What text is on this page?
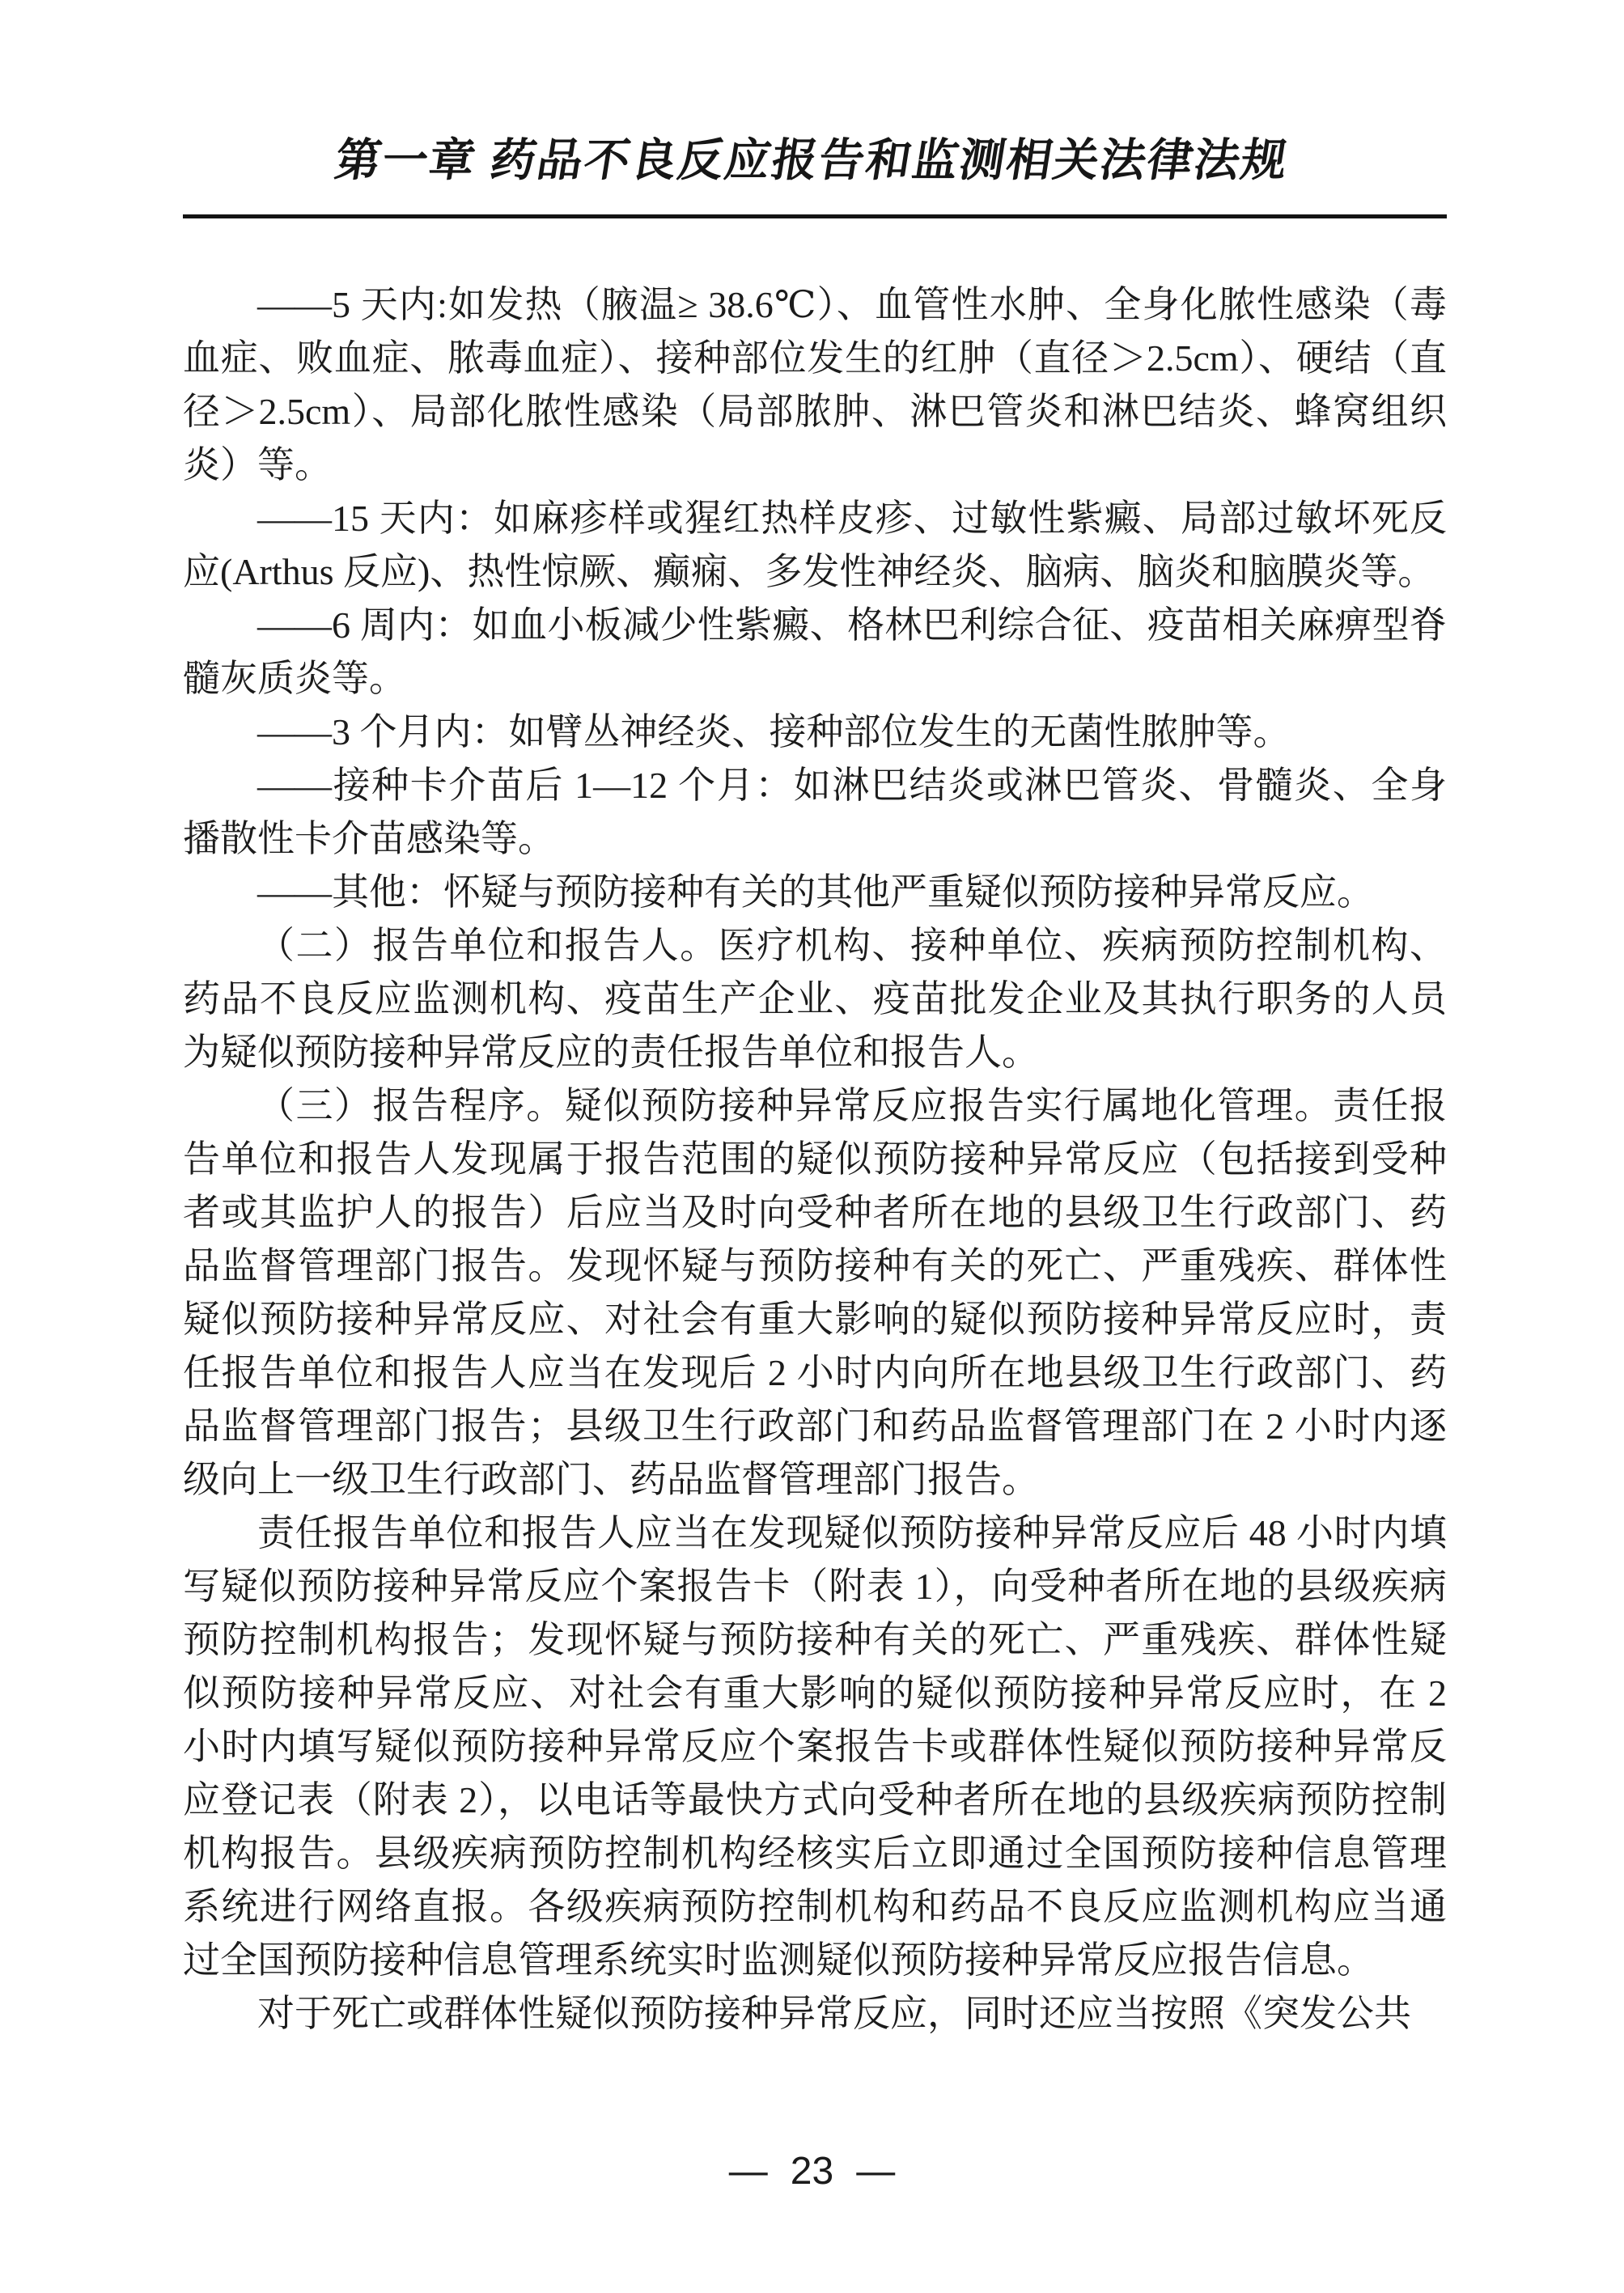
第一章 药品不良反应报告和监测相关法律法规

——5 天内:如发热（腋温≥ 38.6℃）、血管性水肿、全身化脓性感染（毒血症、败血症、脓毒血症）、接种部位发生的红肿（直径＞2.5cm）、硬结（直径＞2.5cm）、局部化脓性感染（局部脓肿、淋巴管炎和淋巴结炎、蜂窝组织炎）等。

——15 天内：如麻疹样或猩红热样皮疹、过敏性紫癜、局部过敏坏死反应(Arthus 反应)、热性惊厥、癫痫、多发性神经炎、脑病、脑炎和脑膜炎等。

——6 周内：如血小板减少性紫癜、格林巴利综合征、疫苗相关麻痹型脊髓灰质炎等。

——3 个月内：如臂丛神经炎、接种部位发生的无菌性脓肿等。

——接种卡介苗后 1—12 个月：如淋巴结炎或淋巴管炎、骨髓炎、全身播散性卡介苗感染等。

——其他：怀疑与预防接种有关的其他严重疑似预防接种异常反应。

（二）报告单位和报告人。医疗机构、接种单位、疾病预防控制机构、药品不良反应监测机构、疫苗生产企业、疫苗批发企业及其执行职务的人员为疑似预防接种异常反应的责任报告单位和报告人。

（三）报告程序。疑似预防接种异常反应报告实行属地化管理。责任报告单位和报告人发现属于报告范围的疑似预防接种异常反应（包括接到受种者或其监护人的报告）后应当及时向受种者所在地的县级卫生行政部门、药品监督管理部门报告。发现怀疑与预防接种有关的死亡、严重残疾、群体性疑似预防接种异常反应、对社会有重大影响的疑似预防接种异常反应时，责任报告单位和报告人应当在发现后 2 小时内向所在地县级卫生行政部门、药品监督管理部门报告；县级卫生行政部门和药品监督管理部门在 2 小时内逐级向上一级卫生行政部门、药品监督管理部门报告。

责任报告单位和报告人应当在发现疑似预防接种异常反应后 48 小时内填写疑似预防接种异常反应个案报告卡（附表 1），向受种者所在地的县级疾病预防控制机构报告；发现怀疑与预防接种有关的死亡、严重残疾、群体性疑似预防接种异常反应、对社会有重大影响的疑似预防接种异常反应时，在 2 小时内填写疑似预防接种异常反应个案报告卡或群体性疑似预防接种异常反应登记表（附表 2），以电话等最快方式向受种者所在地的县级疾病预防控制机构报告。县级疾病预防控制机构经核实后立即通过全国预防接种信息管理系统进行网络直报。各级疾病预防控制机构和药品不良反应监测机构应当通过全国预防接种信息管理系统实时监测疑似预防接种异常反应报告信息。

对于死亡或群体性疑似预防接种异常反应，同时还应当按照《突发公共

— 23 —
